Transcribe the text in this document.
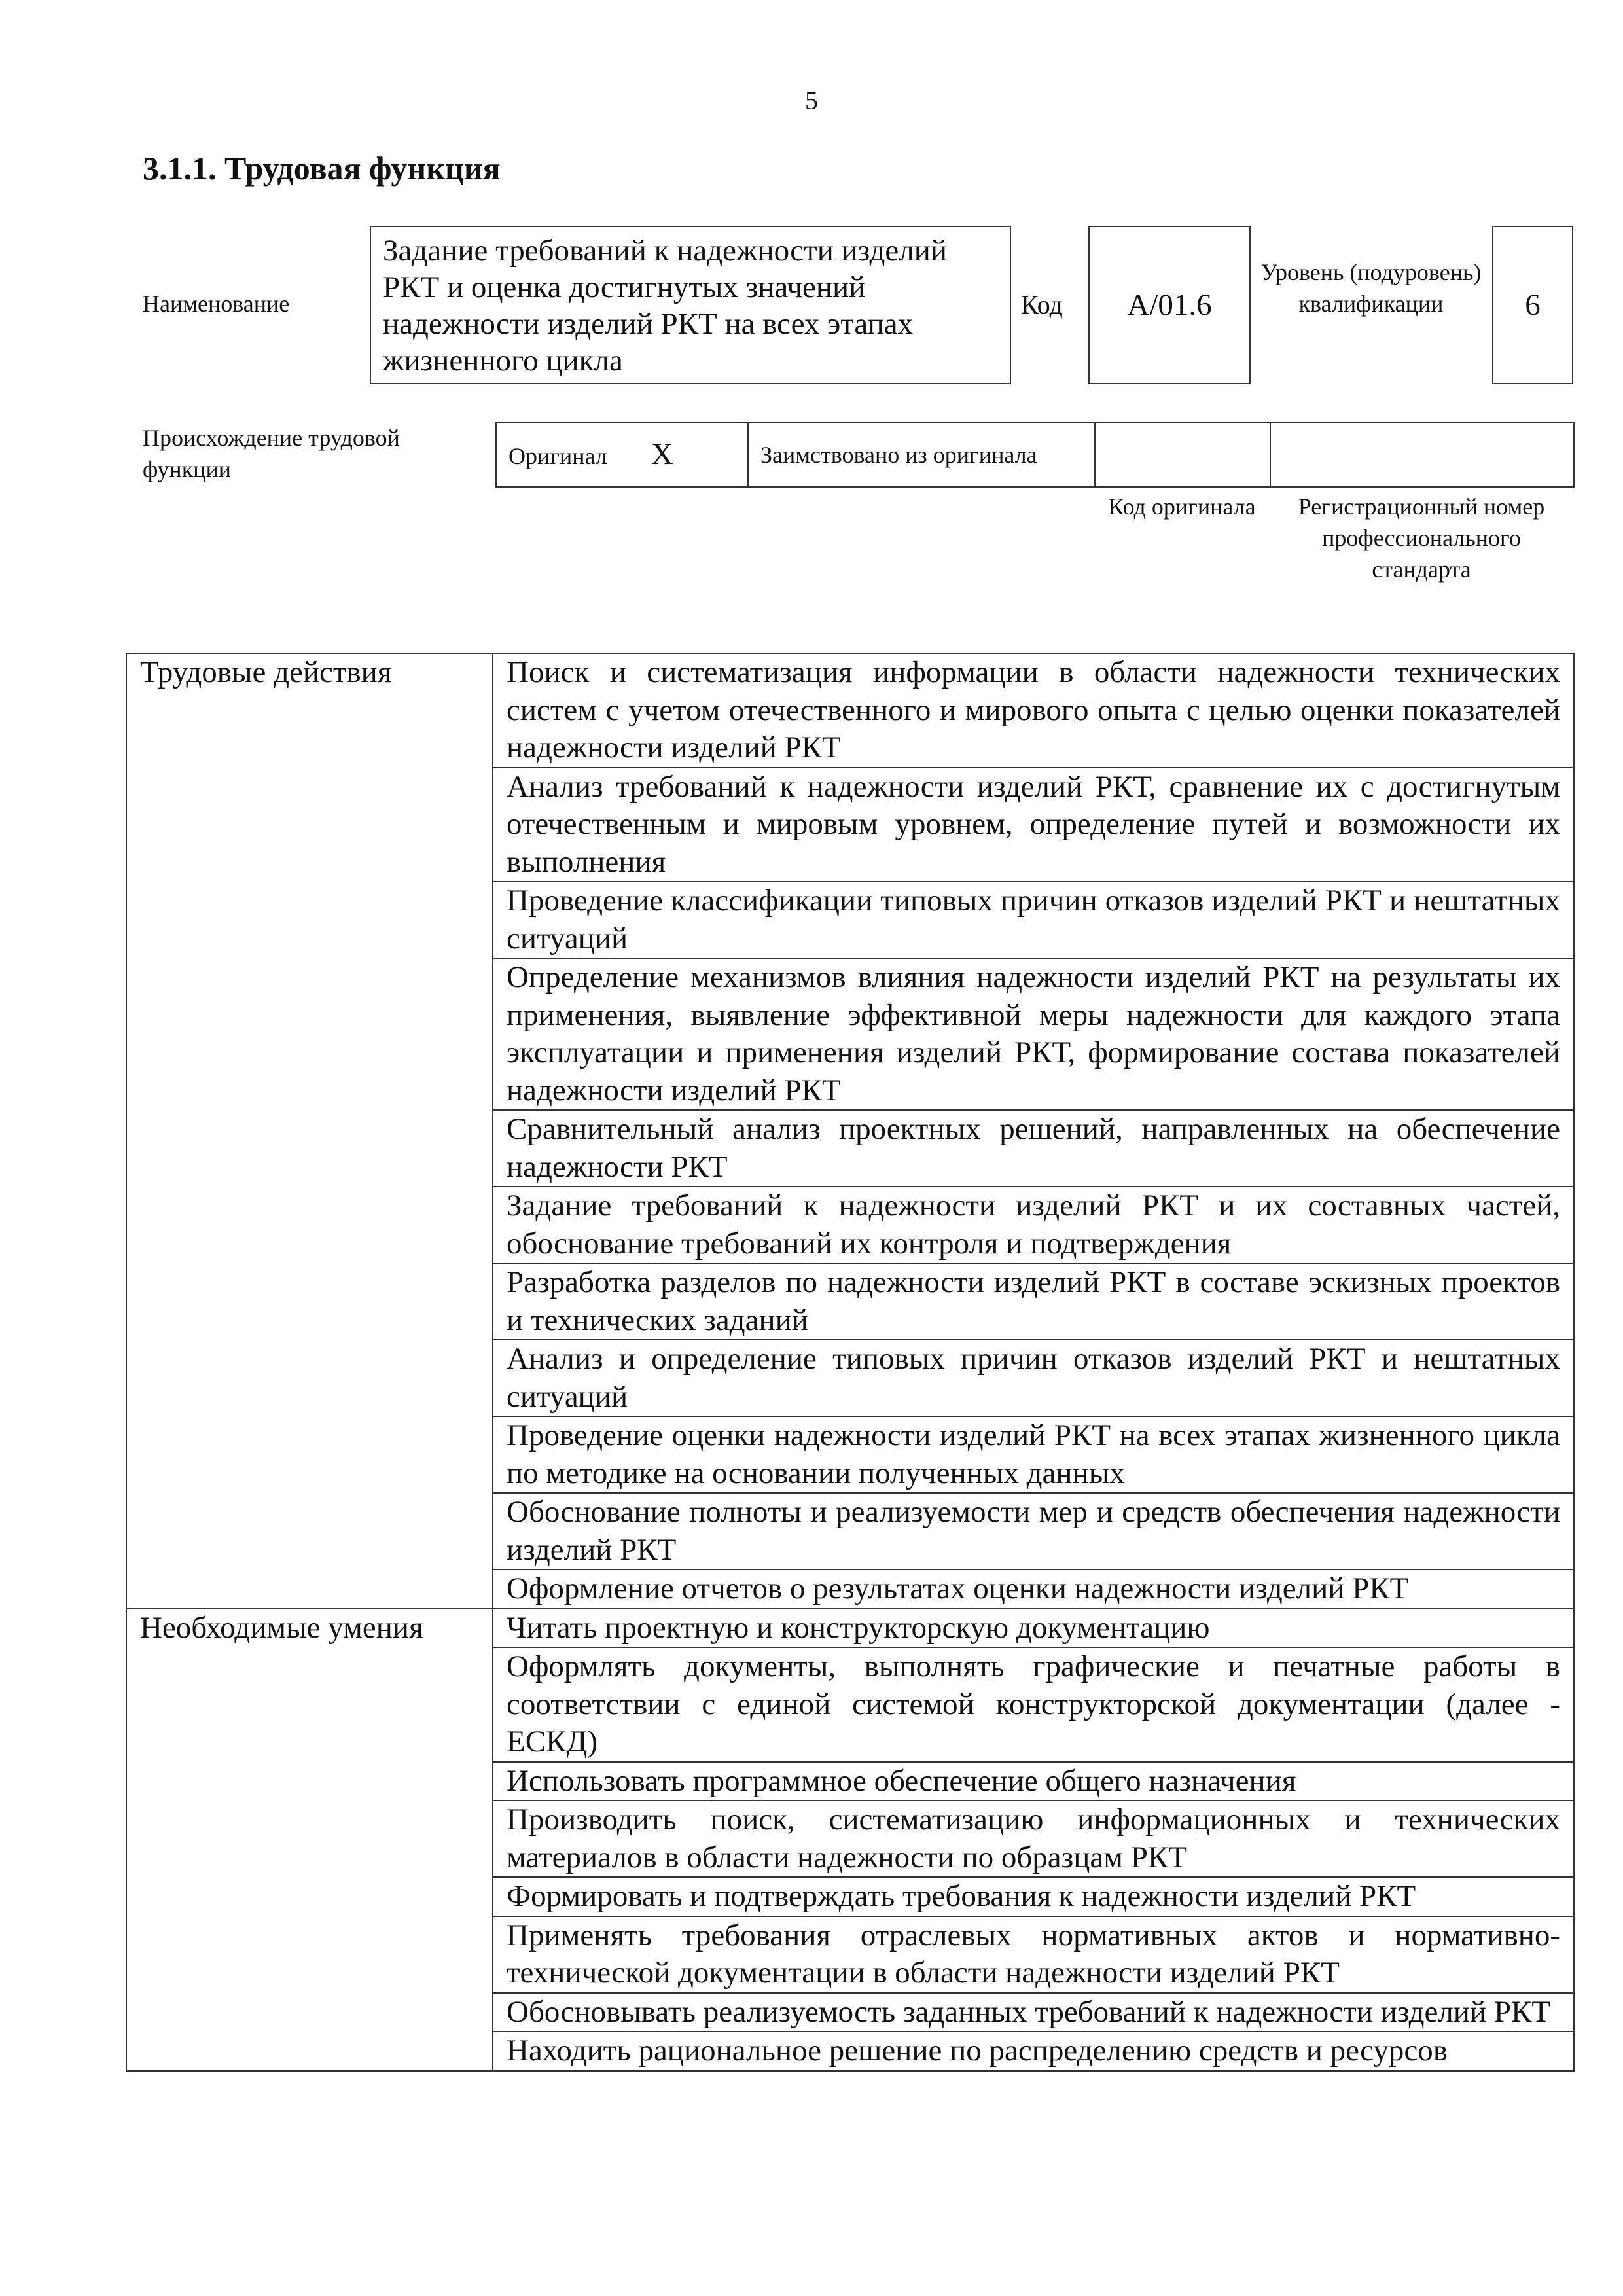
5
3.1.1. Трудовая функция
Наименование
Задание требований к надежности изделий РКТ и оценка достигнутых значений надежности изделий РКТ на всех этапах жизненного цикла
Код A/01.6
Уровень (подуровень) квалификации	6
Происхождение трудовой функции
Оригинал X	Заимствовано из оригинала		
Код оригинала	Регистрационный номер профессионального стандарта
Трудовые действия	Поиск и систематизация информации в области надежности технических систем с учетом отечественного и мирового опыта с целью оценки показателей надежности изделий РКТ
	Анализ требований к надежности изделий РКТ, сравнение их с достигнутым отечественным и мировым уровнем, определение путей и возможности их выполнения
	Проведение классификации типовых причин отказов изделий РКТ и нештатных ситуаций
	Определение механизмов влияния надежности изделий РКТ на результаты их применения, выявление эффективной меры надежности для каждого этапа эксплуатации и применения изделий РКТ, формирование состава показателей надежности изделий РКТ
	Сравнительный анализ проектных решений, направленных на обеспечение надежности РКТ
	Задание требований к надежности изделий РКТ и их составных частей, обоснование требований их контроля и подтверждения
	Разработка разделов по надежности изделий РКТ в составе эскизных проектов и технических заданий
	Анализ и определение типовых причин отказов изделий РКТ и нештатных ситуаций
	Проведение оценки надежности изделий РКТ на всех этапах жизненного цикла по методике на основании полученных данных
	Обоснование полноты и реализуемости мер и средств обеспечения надежности изделий РКТ
	Оформление отчетов о результатах оценки надежности изделий РКТ
Необходимые умения	Читать проектную и конструкторскую документацию
	Оформлять документы, выполнять графические и печатные работы в соответствии с единой системой конструкторской документации (далее - ЕСКД)
	Использовать программное обеспечение общего назначения
	Производить поиск, систематизацию информационных и технических материалов в области надежности по образцам РКТ
	Формировать и подтверждать требования к надежности изделий РКТ
	Применять требования отраслевых нормативных актов и нормативно-технической документации в области надежности изделий РКТ
	Обосновывать реализуемость заданных требований к надежности изделий РКТ
	Находить рациональное решение по распределению средств и ресурсов
